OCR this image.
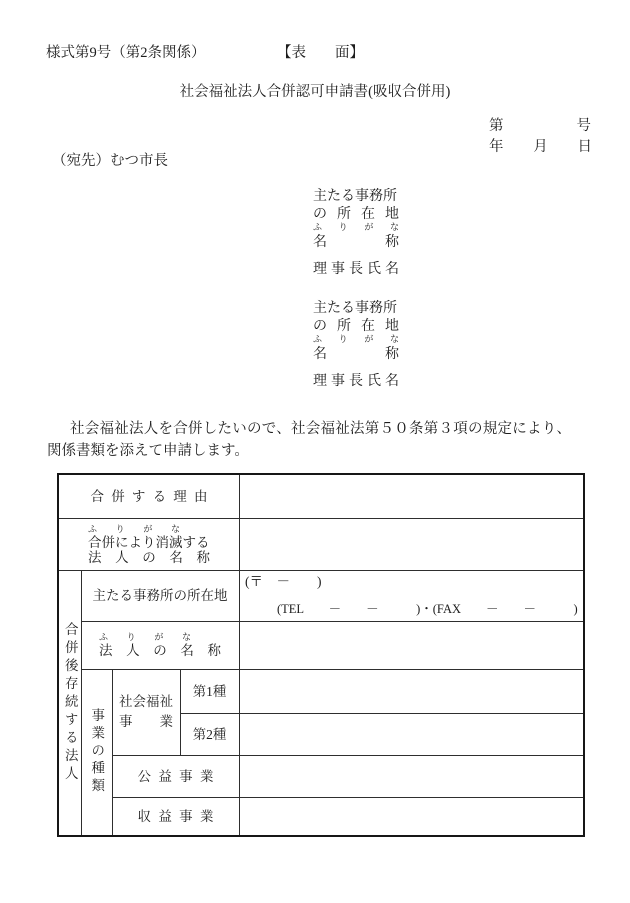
様式第9号（第2条関係）	【表　　面】
社会福祉法人合併認可申請書(吸収合併用)
第	号
年 月 日
（宛先）むつ市長
主たる事務所
の所在地
ふりがな
名称
理事長氏名
主たる事務所
の所在地
ふりがな
名称
理事長氏名
社会福祉法人を合併したいので、社会福祉法第５０条第３項の規定により、関係書類を添えて申請します。
合併する理由
ふりがな
合併により消滅する
法人の名称
合併後存続する法人
主たる事務所の所在地
(〒　－　　)
(TEL　　－　　－　　　)・(FAX　　－　　－　　　)
ふりがな
法人の名称
事業の種類
社会福祉
事業
第1種
第2種
公益事業
収益事業
